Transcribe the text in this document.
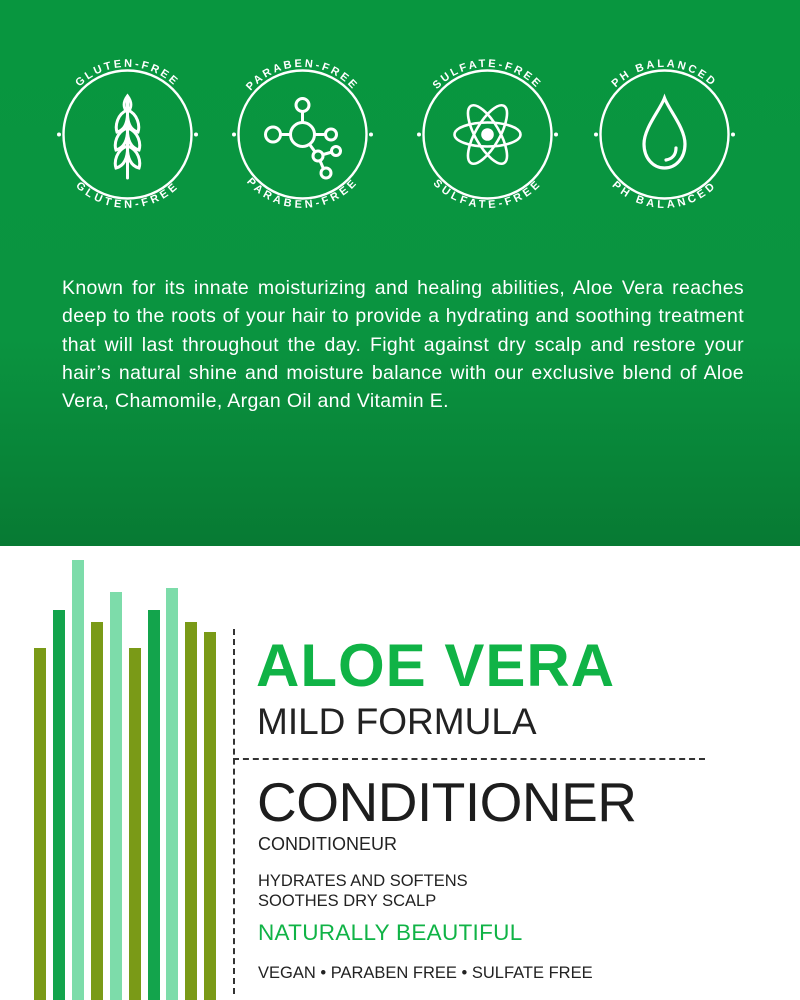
GLUTEN-FREE
GLUTEN-FREE
PARABEN-FREE
PARABEN-FREE
SULFATE-FREE
SULFATE-FREE
PH BALANCED
PH BALANCED

Known for its innate moisturizing and healing abilities, Aloe Vera reaches deep to the roots of your hair to provide a hydrating and soothing treatment that will last throughout the day. Fight against dry scalp and restore your hair’s natural shine and moisture balance with our exclusive blend of Aloe Vera, Chamomile, Argan Oil and Vitamin E.

ALOE VERA
MILD FORMULA
CONDITIONER
CONDITIONEUR
HYDRATES AND SOFTENS
SOOTHES DRY SCALP
NATURALLY BEAUTIFUL
VEGAN • PARABEN FREE • SULFATE FREE
